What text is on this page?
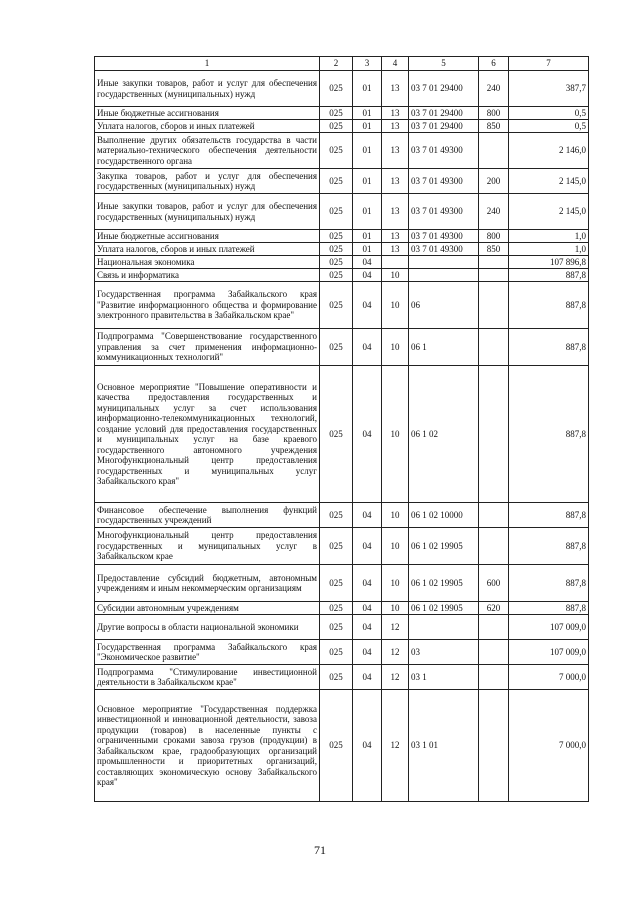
1	2	3	4	5	6	7
Иные закупки товаров, работ и услуг для обеспечения государственных (муниципальных) нужд	025	01	13	03 7 01 29400	240	387,7
Иные бюджетные ассигнования	025	01	13	03 7 01 29400	800	0,5
Уплата налогов, сборов и иных платежей	025	01	13	03 7 01 29400	850	0,5
Выполнение других обязательств государства в части материально-технического обеспечения деятельности государственного органа	025	01	13	03 7 01 49300		2 146,0
Закупка товаров, работ и услуг для обеспечения государственных (муниципальных) нужд	025	01	13	03 7 01 49300	200	2 145,0
Иные закупки товаров, работ и услуг для обеспечения государственных (муниципальных) нужд	025	01	13	03 7 01 49300	240	2 145,0
Иные бюджетные ассигнования	025	01	13	03 7 01 49300	800	1,0
Уплата налогов, сборов и иных платежей	025	01	13	03 7 01 49300	850	1,0
Национальная экономика	025	04				107 896,8
Связь и информатика	025	04	10			887,8
Государственная программа Забайкальского края "Развитие информационного общества и формирование электронного правительства в Забайкальском крае"	025	04	10	06		887,8
Подпрограмма "Совершенствование государственного управления за счет применения информационно-коммуникационных технологий"	025	04	10	06 1		887,8
Основное мероприятие "Повышение оперативности и качества предоставления государственных и муниципальных услуг за счет использования информационно-телекоммуникационных технологий, создание условий для предоставления государственных и муниципальных услуг на базе краевого государственного автономного учреждения Многофункциональный центр предоставления государственных и муниципальных услуг Забайкальского края"	025	04	10	06 1 02		887,8
Финансовое обеспечение выполнения функций государственных учреждений	025	04	10	06 1 02 10000		887,8
Многофункциональный центр предоставления государственных и муниципальных услуг в Забайкальском крае	025	04	10	06 1 02 19905		887,8
Предоставление субсидий бюджетным, автономным учреждениям и иным некоммерческим организациям	025	04	10	06 1 02 19905	600	887,8
Субсидии автономным учреждениям	025	04	10	06 1 02 19905	620	887,8
Другие вопросы в области национальной экономики	025	04	12			107 009,0
Государственная программа Забайкальского края "Экономическое развитие"	025	04	12	03		107 009,0
Подпрограмма "Стимулирование инвестиционной деятельности в Забайкальском крае"	025	04	12	03 1		7 000,0
Основное мероприятие "Государственная поддержка инвестиционной и инновационной деятельности, завоза продукции (товаров) в населенные пункты с ограниченными сроками завоза грузов (продукции) в Забайкальском крае, градообразующих организаций промышленности и приоритетных организаций, составляющих экономическую основу Забайкальского края"	025	04	12	03 1 01		7 000,0
71
